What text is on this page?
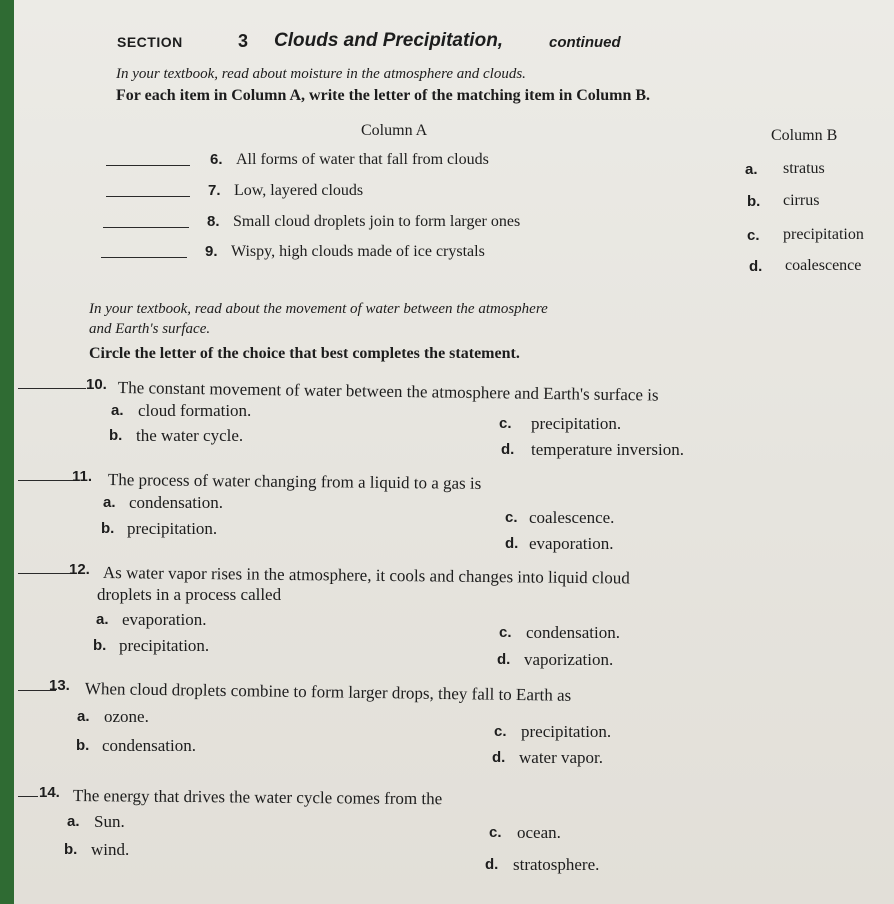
SECTION	3 Clouds and Precipitation,	continued
In your textbook, read about moisture in the atmosphere and clouds.
For each item in Column A, write the letter of the matching item in Column B.
Column A	Column B
6. All forms of water that fall from clouds
7. Low, layered clouds
8. Small cloud droplets join to form larger ones
9. Wispy, high clouds made of ice crystals
a. stratus
b. cirrus
c. precipitation
d. coalescence
In your textbook, read about the movement of water between the atmosphere
and Earth's surface.
Circle the letter of the choice that best completes the statement.
10. The constant movement of water between the atmosphere and Earth's surface is
a. cloud formation.
b. the water cycle.
c. precipitation.
d. temperature inversion.
11. The process of water changing from a liquid to a gas is
a. condensation.
b. precipitation.
c. coalescence.
d. evaporation.
12. As water vapor rises in the atmosphere, it cools and changes into liquid cloud
droplets in a process called
a. evaporation.
b. precipitation.
c. condensation.
d. vaporization.
13. When cloud droplets combine to form larger drops, they fall to Earth as
a. ozone.
b. condensation.
c. precipitation.
d. water vapor.
14. The energy that drives the water cycle comes from the
a. Sun.
b. wind.
c. ocean.
d. stratosphere.
